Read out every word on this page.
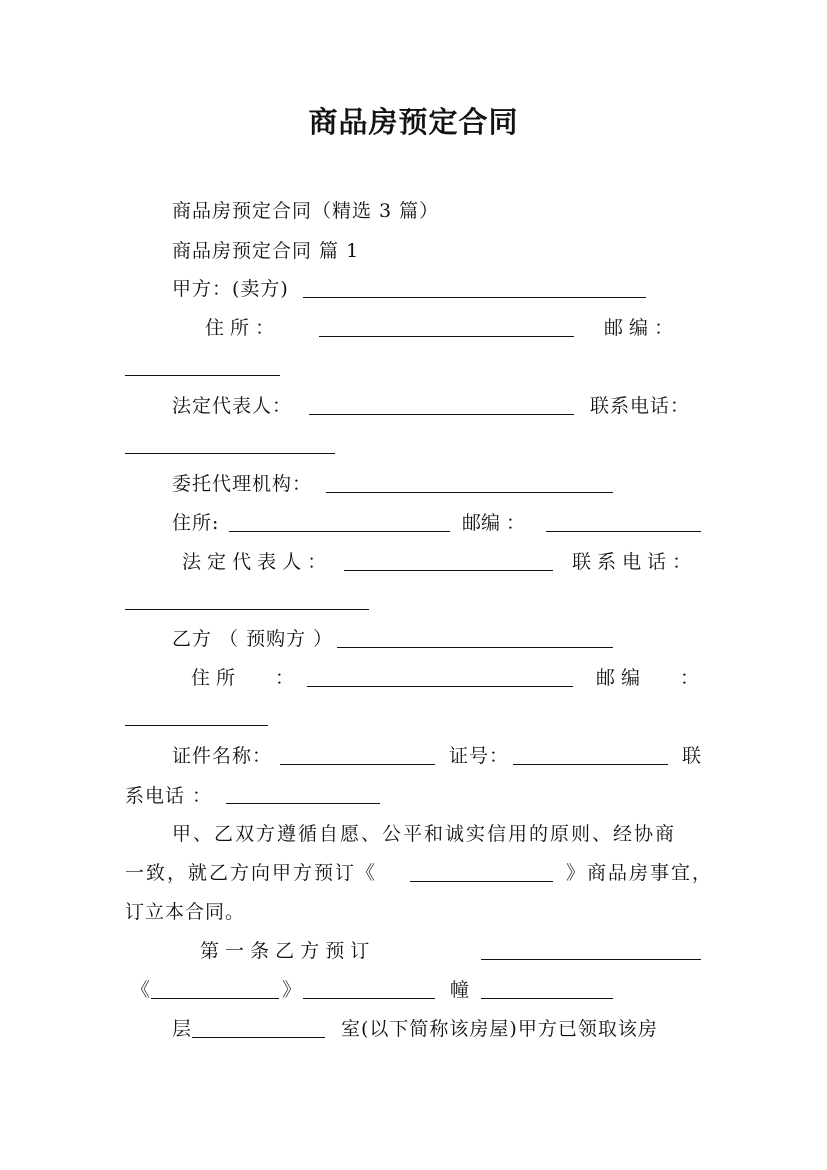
商品房预定合同
商品房预定合同（精选 3 篇）
商品房预定合同 篇 1
甲方：(卖方)
住 所 ：	邮 编 ：
法定代表人：	联系电话：
委托代理机构：
住所:	邮编 ：
法 定 代 表 人 ：	联 系 电 话 ：
乙方 （ 预购方 ）
住 所 ：	邮 编 ：
证件名称：	证号：	联
系电话 ：
甲、乙双方遵循自愿、公平和诚实信用的原则、经协商
一致，就乙方向甲方预订《	》商品房事宜，
订立本合同。
第 一 条 乙 方 预 订
《	》	幢
层	室(以下简称该房屋)甲方已领取该房
